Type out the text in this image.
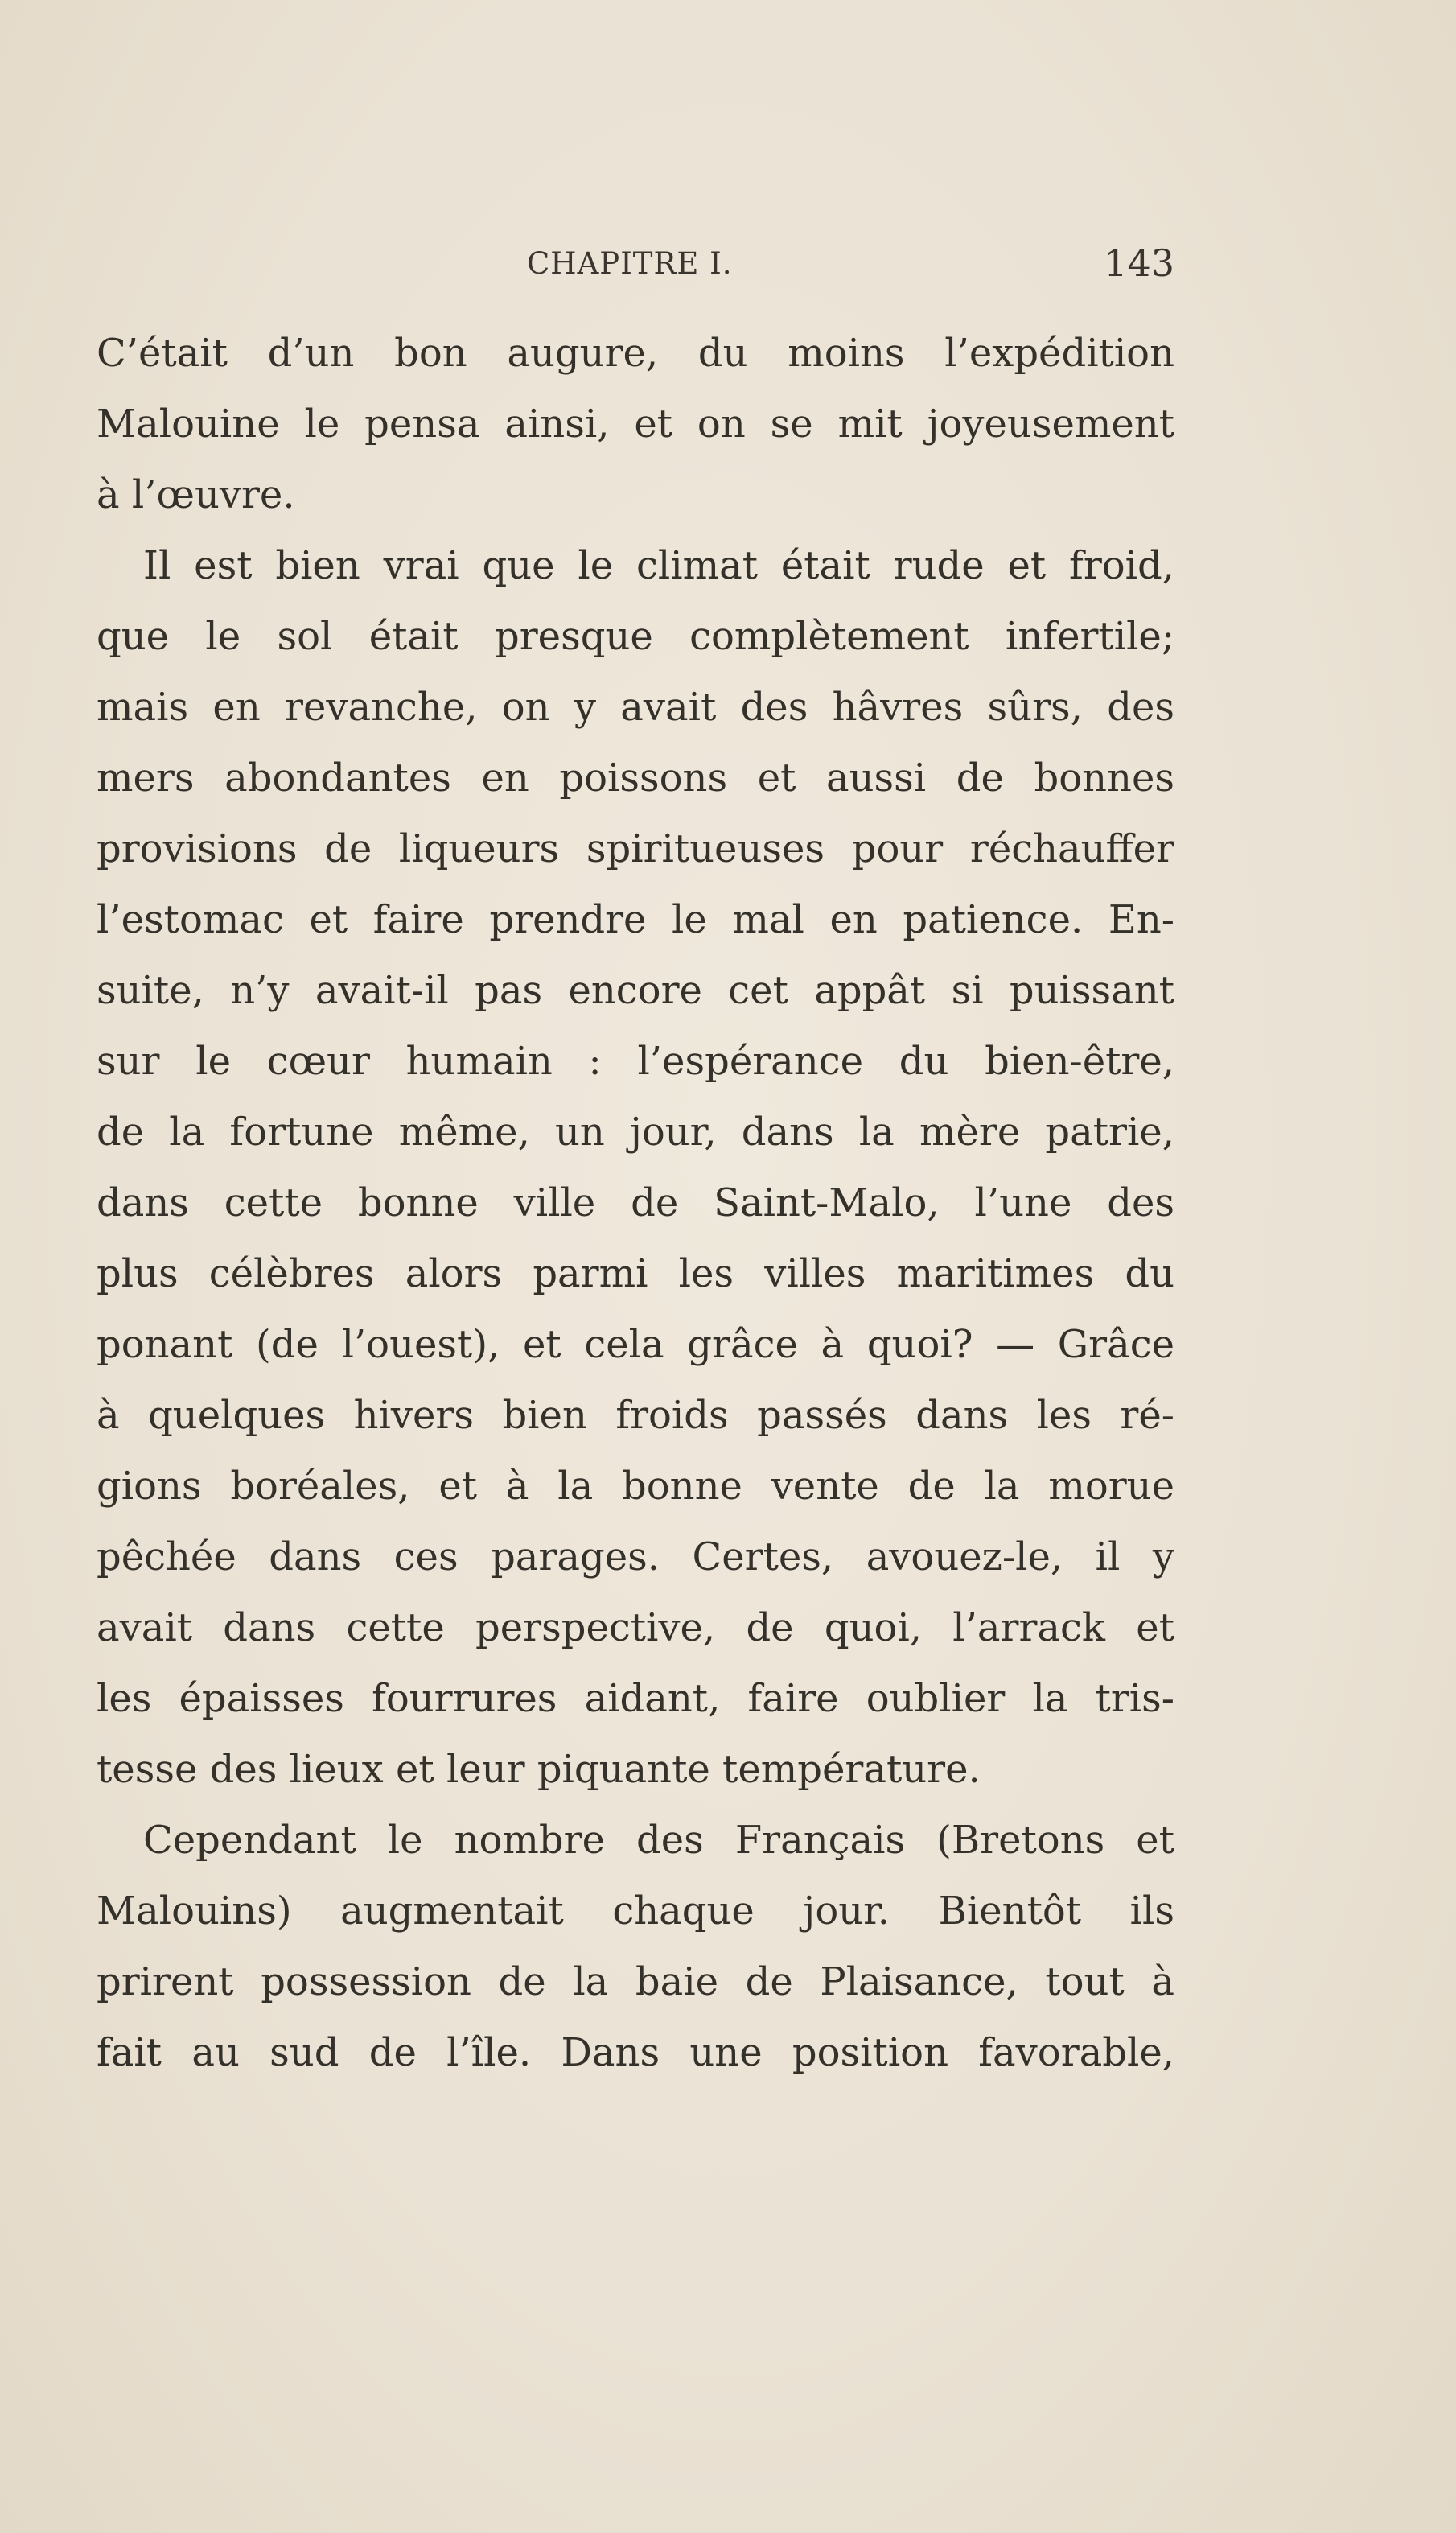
CHAPITRE I.	143
C’était d’un bon augure, du moins l’expédition
Malouine le pensa ainsi, et on se mit joyeusement
à l’œuvre.
Il est bien vrai que le climat était rude et froid,
que le sol était presque complètement infertile;
mais en revanche, on y avait des hâvres sûrs, des
mers abondantes en poissons et aussi de bonnes
provisions de liqueurs spiritueuses pour réchauffer
l’estomac et faire prendre le mal en patience. En-
suite, n’y avait-il pas encore cet appât si puissant
sur le cœur humain : l’espérance du bien-être,
de la fortune même, un jour, dans la mère patrie,
dans cette bonne ville de Saint-Malo, l’une des
plus célèbres alors parmi les villes maritimes du
ponant (de l’ouest), et cela grâce à quoi? — Grâce
à quelques hivers bien froids passés dans les ré-
gions boréales, et à la bonne vente de la morue
pêchée dans ces parages. Certes, avouez-le, il y
avait dans cette perspective, de quoi, l’arrack et
les épaisses fourrures aidant, faire oublier la tris-
tesse des lieux et leur piquante température.
Cependant le nombre des Français (Bretons et
Malouins) augmentait chaque jour. Bientôt ils
prirent possession de la baie de Plaisance, tout à
fait au sud de l’île. Dans une position favorable,
